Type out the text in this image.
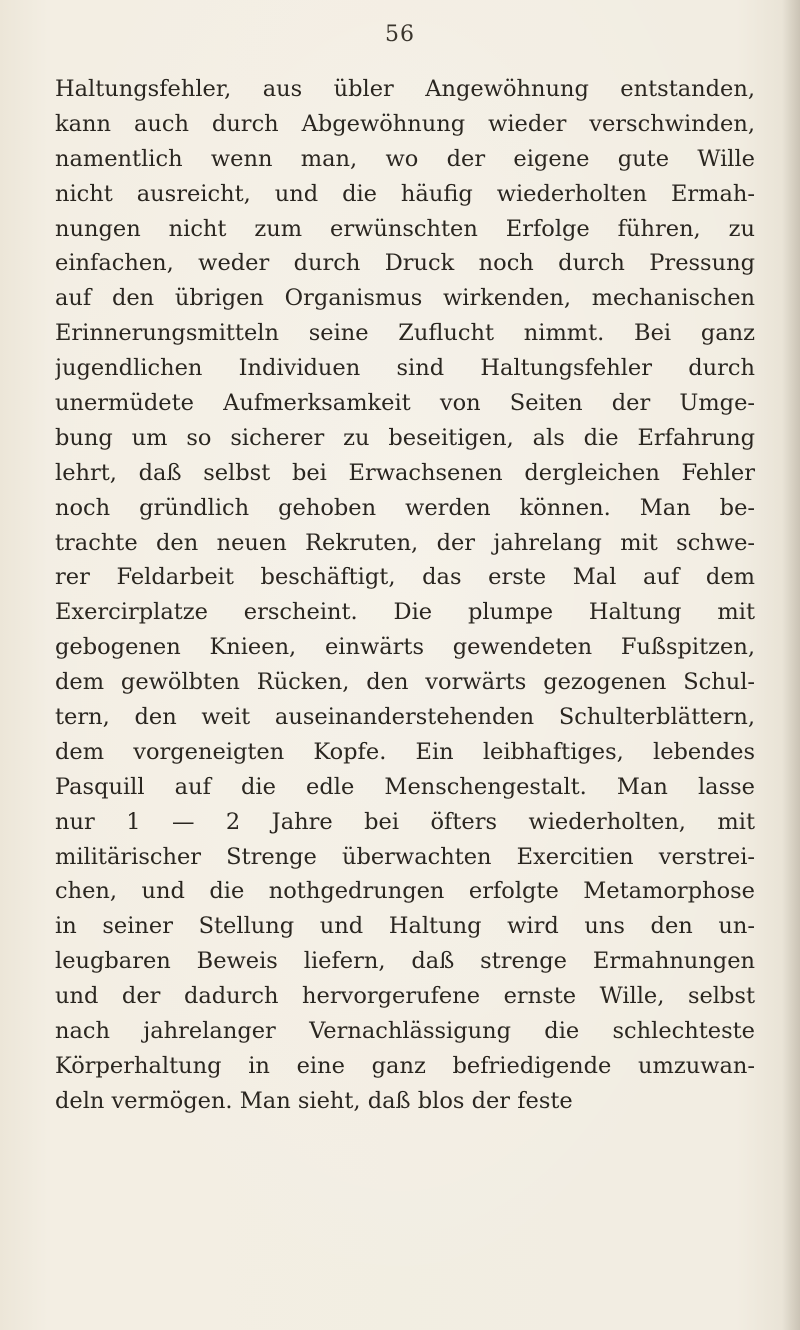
56
Haltungsfehler, aus übler Angewöhnung entstanden,
kann auch durch Abgewöhnung wieder verschwinden,
namentlich wenn man, wo der eigene gute Wille
nicht ausreicht, und die häufig wiederholten Ermah-
nungen nicht zum erwünschten Erfolge führen, zu
einfachen, weder durch Druck noch durch Pressung
auf den übrigen Organismus wirkenden, mechanischen
Erinnerungsmitteln seine Zuflucht nimmt. Bei ganz
jugendlichen Individuen sind Haltungsfehler durch
unermüdete Aufmerksamkeit von Seiten der Umge-
bung um so sicherer zu beseitigen, als die Erfahrung
lehrt, daß selbst bei Erwachsenen dergleichen Fehler
noch gründlich gehoben werden können. Man be-
trachte den neuen Rekruten, der jahrelang mit schwe-
rer Feldarbeit beschäftigt, das erste Mal auf dem
Exercirplatze erscheint. Die plumpe Haltung mit
gebogenen Knieen, einwärts gewendeten Fußspitzen,
dem gewölbten Rücken, den vorwärts gezogenen Schul-
tern, den weit auseinanderstehenden Schulterblättern,
dem vorgeneigten Kopfe. Ein leibhaftiges, lebendes
Pasquill auf die edle Menschengestalt. Man lasse
nur 1 — 2 Jahre bei öfters wiederholten, mit
militärischer Strenge überwachten Exercitien verstrei-
chen, und die nothgedrungen erfolgte Metamorphose
in seiner Stellung und Haltung wird uns den un-
leugbaren Beweis liefern, daß strenge Ermahnungen
und der dadurch hervorgerufene ernste Wille, selbst
nach jahrelanger Vernachlässigung die schlechteste
Körperhaltung in eine ganz befriedigende umzuwan-
deln vermögen. Man sieht, daß blos der feste
